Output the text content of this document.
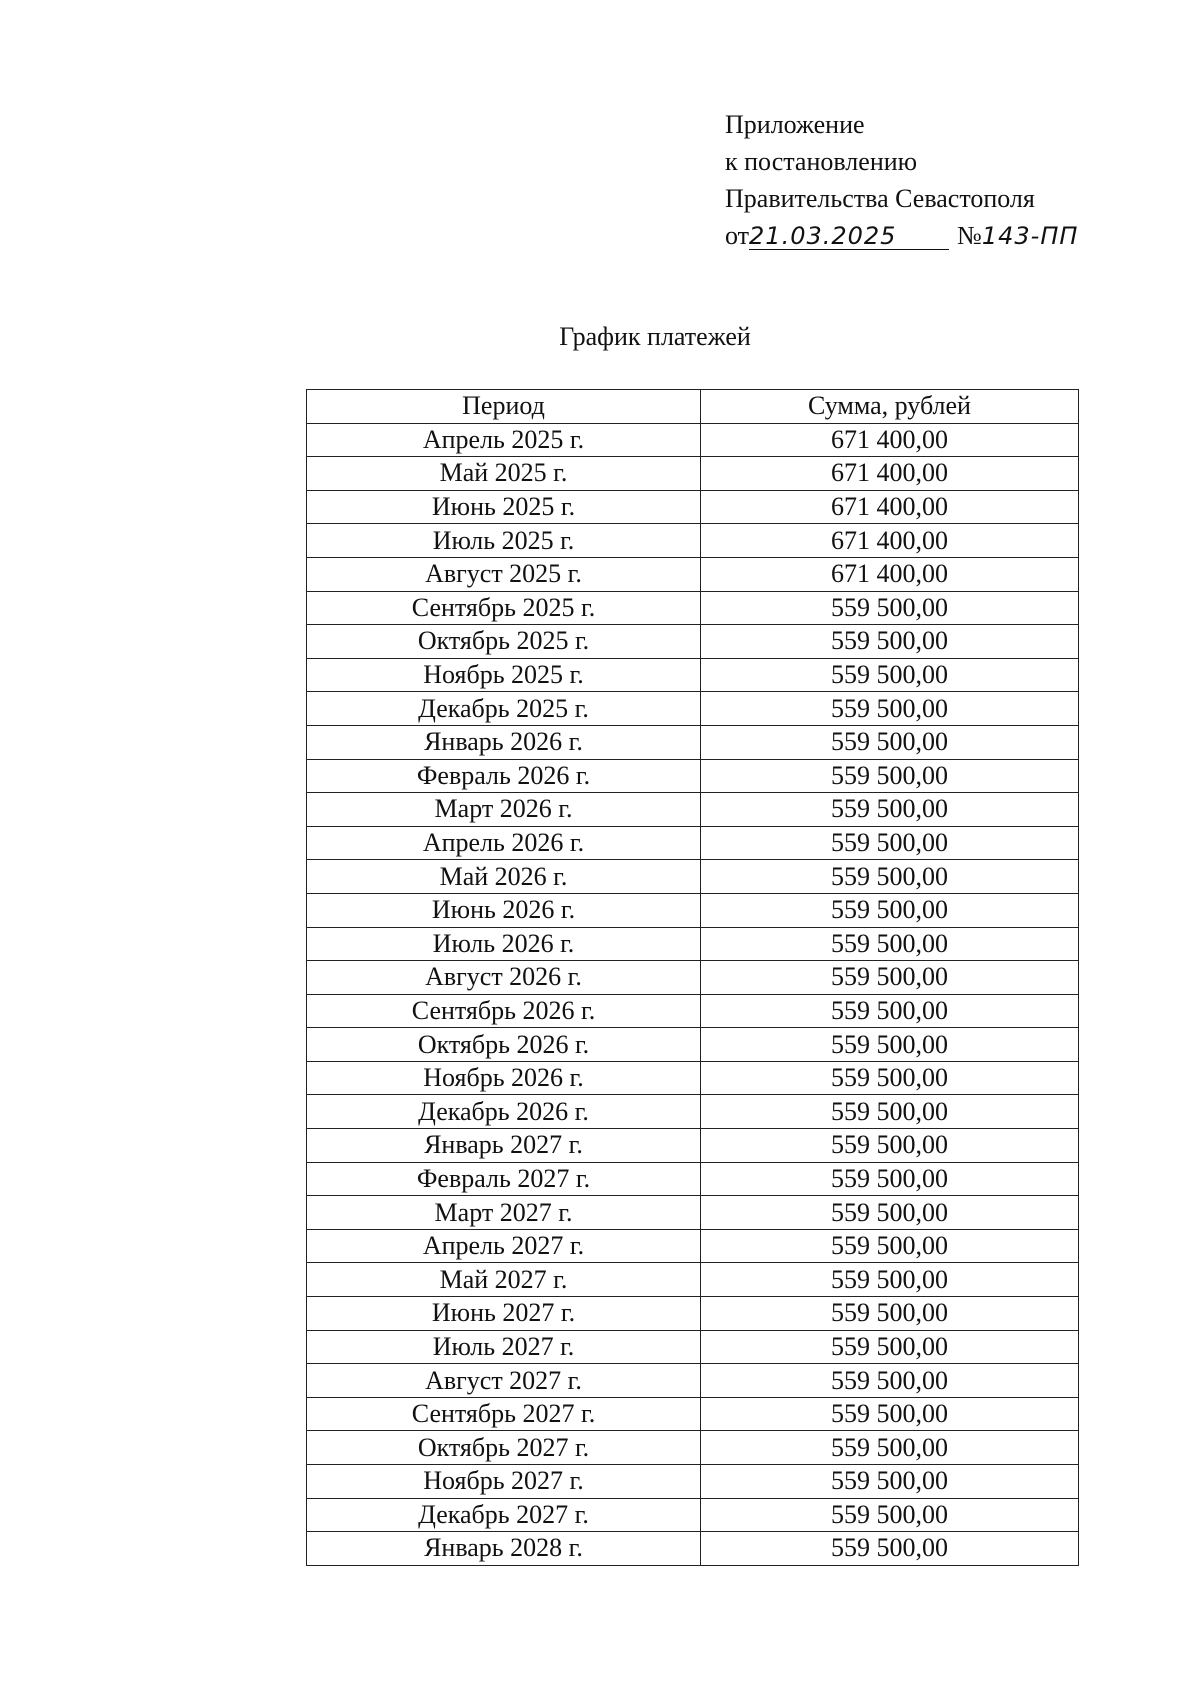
Приложение
к постановлению
Правительства Севастополя
от21.03.2025 №143-ПП
График платежей
Период	Сумма, рублей
Апрель 2025 г.	671 400,00
Май 2025 г.	671 400,00
Июнь 2025 г.	671 400,00
Июль 2025 г.	671 400,00
Август 2025 г.	671 400,00
Сентябрь 2025 г.	559 500,00
Октябрь 2025 г.	559 500,00
Ноябрь 2025 г.	559 500,00
Декабрь 2025 г.	559 500,00
Январь 2026 г.	559 500,00
Февраль 2026 г.	559 500,00
Март 2026 г.	559 500,00
Апрель 2026 г.	559 500,00
Май 2026 г.	559 500,00
Июнь 2026 г.	559 500,00
Июль 2026 г.	559 500,00
Август 2026 г.	559 500,00
Сентябрь 2026 г.	559 500,00
Октябрь 2026 г.	559 500,00
Ноябрь 2026 г.	559 500,00
Декабрь 2026 г.	559 500,00
Январь 2027 г.	559 500,00
Февраль 2027 г.	559 500,00
Март 2027 г.	559 500,00
Апрель 2027 г.	559 500,00
Май 2027 г.	559 500,00
Июнь 2027 г.	559 500,00
Июль 2027 г.	559 500,00
Август 2027 г.	559 500,00
Сентябрь 2027 г.	559 500,00
Октябрь 2027 г.	559 500,00
Ноябрь 2027 г.	559 500,00
Декабрь 2027 г.	559 500,00
Январь 2028 г.	559 500,00
